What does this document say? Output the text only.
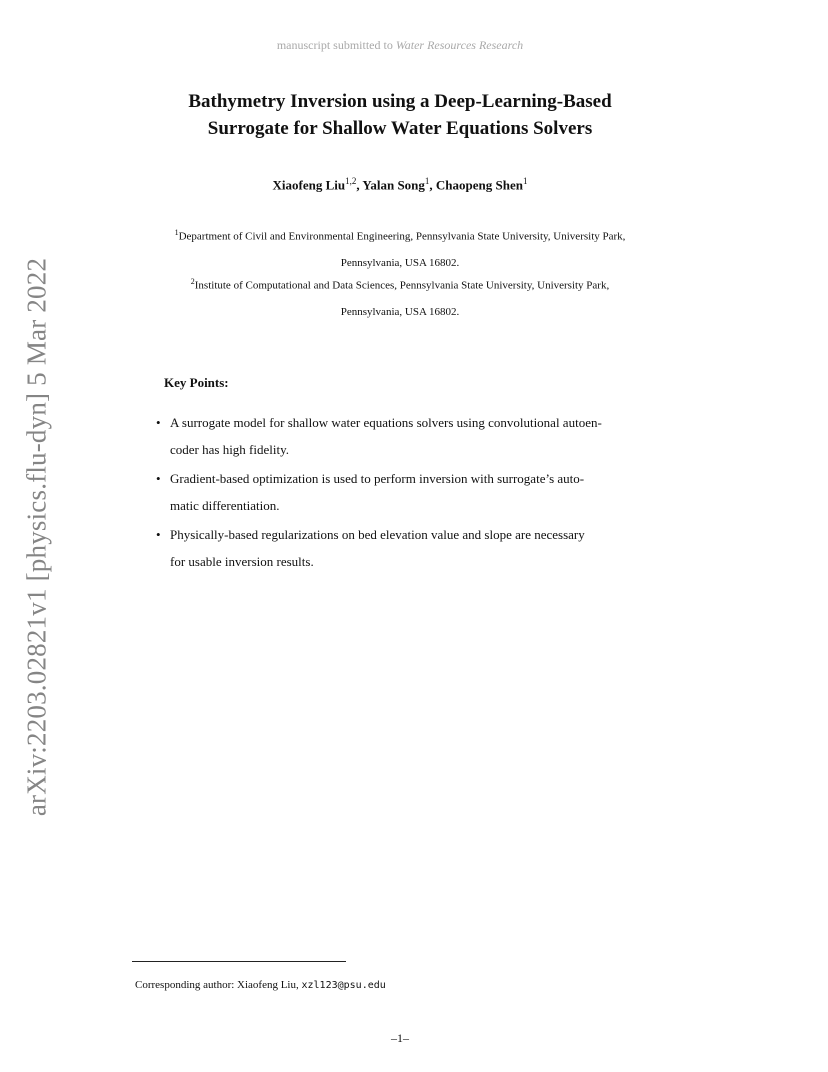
manuscript submitted to Water Resources Research
arXiv:2203.02821v1 [physics.flu-dyn] 5 Mar 2022
Bathymetry Inversion using a Deep-Learning-Based
Surrogate for Shallow Water Equations Solvers
Xiaofeng Liu$^{1,2}$, Yalan Song$^1$, Chaopeng Shen$^1$
$^1$Department of Civil and Environmental Engineering, Pennsylvania State University, University Park,
Pennsylvania, USA 16802.
$^2$Institute of Computational and Data Sciences, Pennsylvania State University, University Park,
Pennsylvania, USA 16802.
Key Points:
• A surrogate model for shallow water equations solvers using convolutional autoen-
coder has high fidelity.
• Gradient-based optimization is used to perform inversion with surrogate’s auto-
matic differentiation.
• Physically-based regularizations on bed elevation value and slope are necessary
for usable inversion results.
Corresponding author: Xiaofeng Liu, xzl123@psu.edu
–1–
